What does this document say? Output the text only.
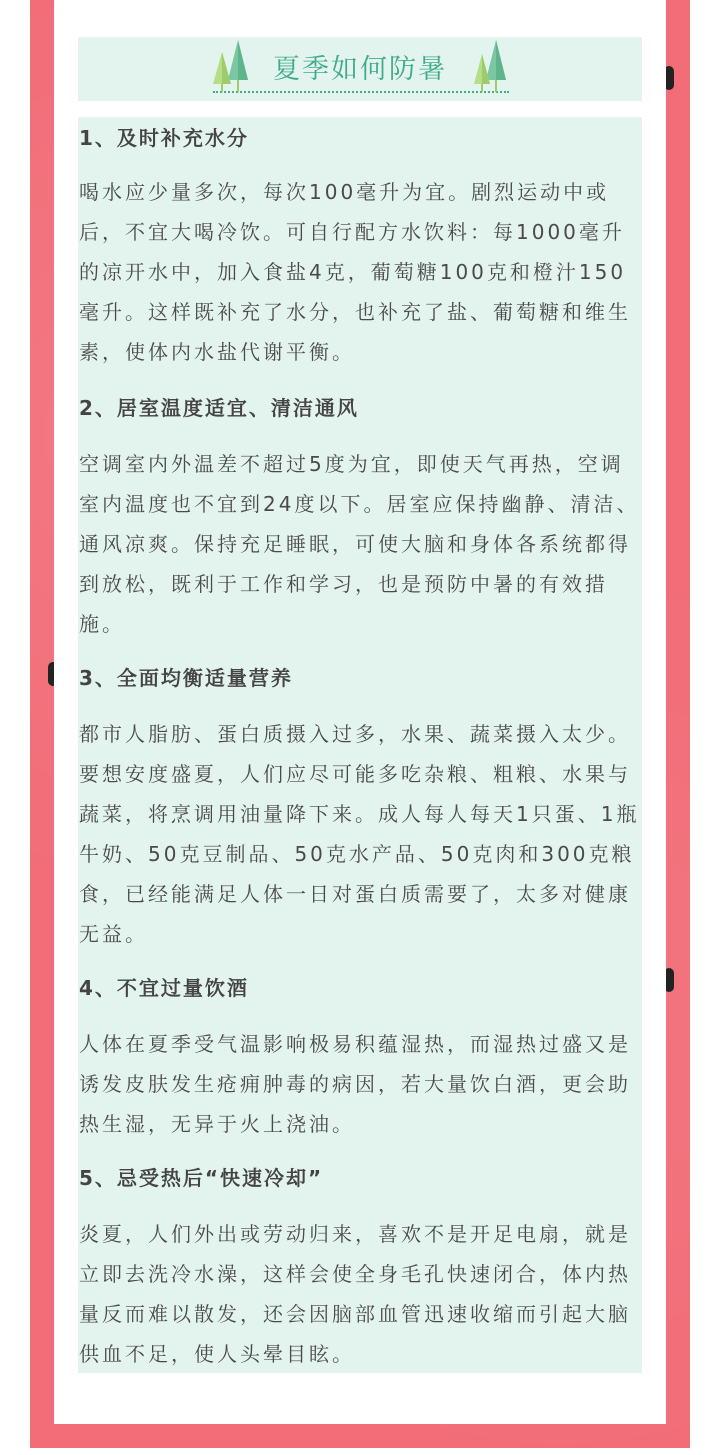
夏季如何防暑
1、及时补充水分
喝水应少量多次，每次100毫升为宜。剧烈运动中或后，不宜大喝冷饮。可自行配方水饮料：每1000毫升的凉开水中，加入食盐4克，葡萄糖100克和橙汁150毫升。这样既补充了水分，也补充了盐、葡萄糖和维生素，使体内水盐代谢平衡。
2、居室温度适宜、清洁通风
空调室内外温差不超过5度为宜，即使天气再热，空调室内温度也不宜到24度以下。居室应保持幽静、清洁、通风凉爽。保持充足睡眠，可使大脑和身体各系统都得到放松，既利于工作和学习，也是预防中暑的有效措施。
3、全面均衡适量营养
都市人脂肪、蛋白质摄入过多，水果、蔬菜摄入太少。要想安度盛夏，人们应尽可能多吃杂粮、粗粮、水果与蔬菜，将烹调用油量降下来。成人每人每天1只蛋、1瓶牛奶、50克豆制品、50克水产品、50克肉和300克粮食，已经能满足人体一日对蛋白质需要了，太多对健康无益。
4、不宜过量饮酒
人体在夏季受气温影响极易积蕴湿热，而湿热过盛又是诱发皮肤发生疮痈肿毒的病因，若大量饮白酒，更会助热生湿，无异于火上浇油。
5、忌受热后“快速冷却”
炎夏，人们外出或劳动归来，喜欢不是开足电扇，就是立即去洗冷水澡，这样会使全身毛孔快速闭合，体内热量反而难以散发，还会因脑部血管迅速收缩而引起大脑供血不足，使人头晕目眩。
